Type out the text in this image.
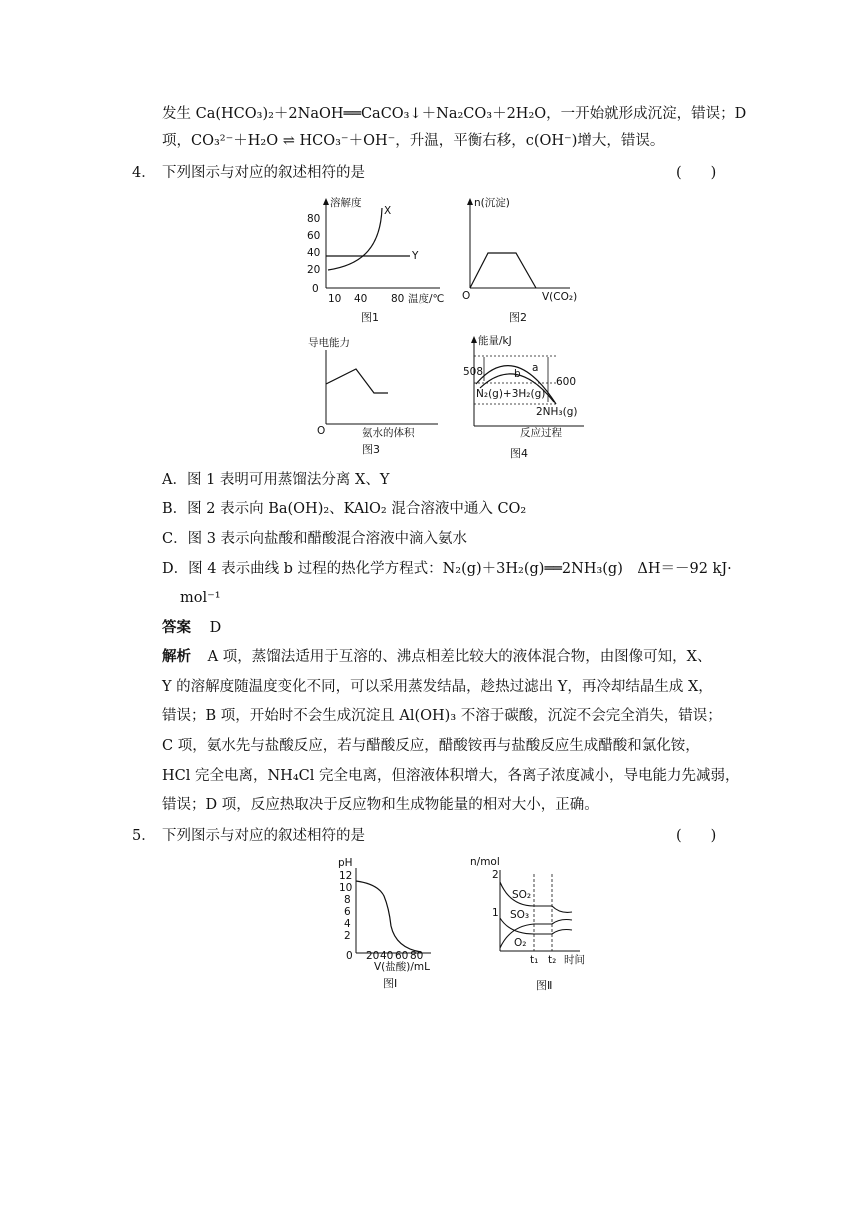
发生 Ca(HCO₃)₂＋2NaOH══CaCO₃↓＋Na₂CO₃＋2H₂O，一开始就形成沉淀，错误；D
项，CO₃²⁻＋H₂O ⇌ HCO₃⁻＋OH⁻，升温，平衡右移，c(OH⁻)增大，错误。
4． 下列图示与对应的叙述相符的是	(　　)
溶解度
80
60
40
20
0
10 40 80 温度/℃
X
Y
图1
n(沉淀)
O	V(CO₂)
图2
导电能力
O	氨水的体积
图3
能量/kJ
508
600
a
b
N₂(g)+3H₂(g)
2NH₃(g)
反应过程
图4
A．图 1 表明可用蒸馏法分离 X、Y
B．图 2 表示向 Ba(OH)₂、KAlO₂ 混合溶液中通入 CO₂
C．图 3 表示向盐酸和醋酸混合溶液中滴入氨水
D．图 4 表示曲线 b 过程的热化学方程式：N₂(g)＋3H₂(g)══2NH₃(g)　ΔH＝－92 kJ·
mol⁻¹
答案 D
解析 A 项，蒸馏法适用于互溶的、沸点相差比较大的液体混合物，由图像可知，X、
Y 的溶解度随温度变化不同，可以采用蒸发结晶，趁热过滤出 Y，再冷却结晶生成 X，
错误；B 项，开始时不会生成沉淀且 Al(OH)₃ 不溶于碳酸，沉淀不会完全消失，错误；
C 项，氨水先与盐酸反应，若与醋酸反应，醋酸铵再与盐酸反应生成醋酸和氯化铵，
HCl 完全电离，NH₄Cl 完全电离，但溶液体积增大，各离子浓度减小，导电能力先减弱，
错误；D 项，反应热取决于反应物和生成物能量的相对大小，正确。
5． 下列图示与对应的叙述相符的是	(　　)
pH
12
10
8
6
4
2
0 20 40 60 80
V(盐酸)/mL
图Ⅰ
n/mol
2
1
SO₂
SO₃
O₂
t₁ t₂ 时间
图Ⅱ
